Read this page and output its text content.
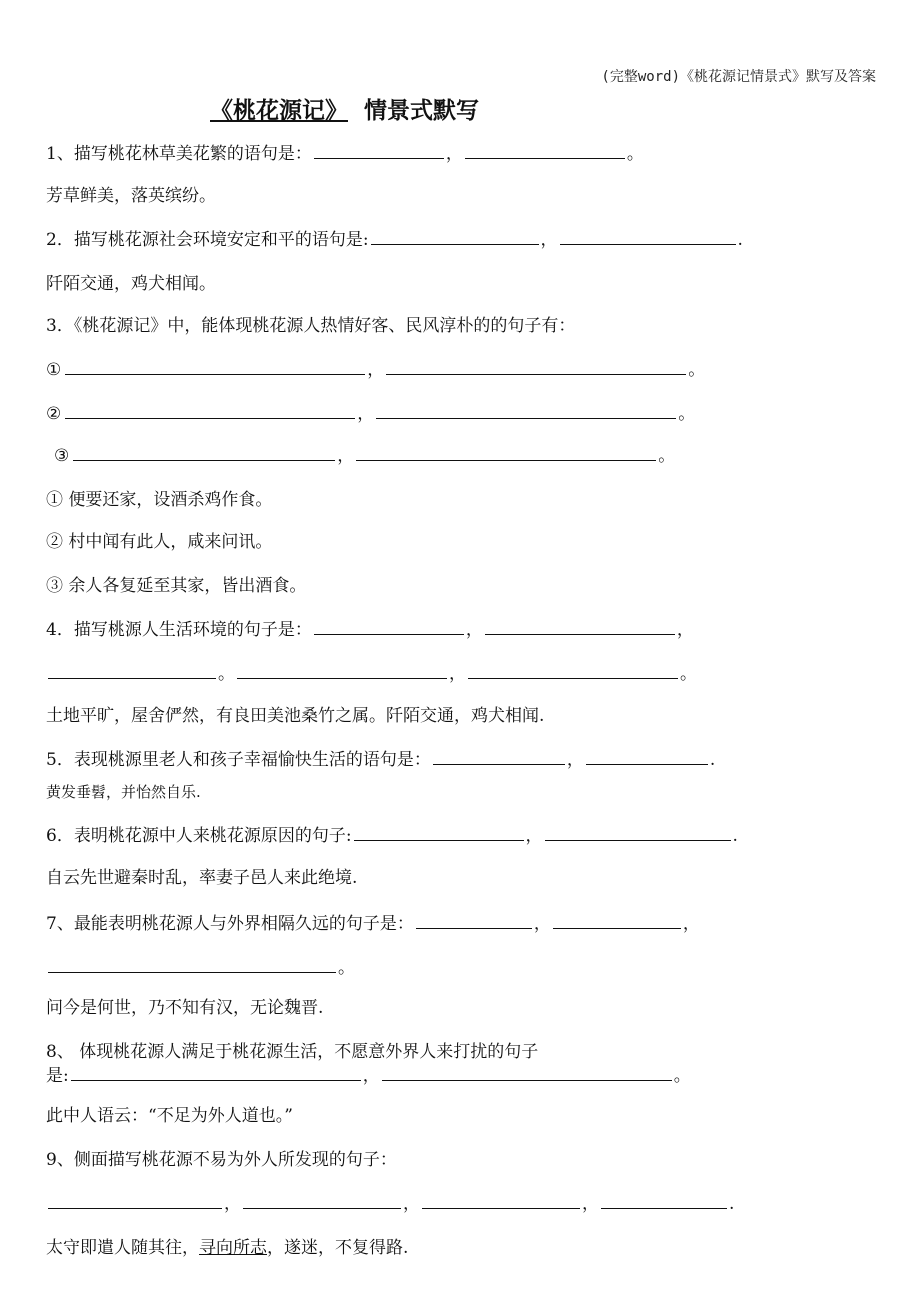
(完整word)《桃花源记情景式》默写及答案
《桃花源记》 情景式默写
1、描写桃花林草美花繁的语句是：	，	。
芳草鲜美，落英缤纷。
2．描写桃花源社会环境安定和平的语句是:	，	.
阡陌交通，鸡犬相闻。
3．《桃花源记》中，能体现桃花源人热情好客、民风淳朴的的句子有：
①	，	。
②	，	。
③	，	。
① 便要还家，设酒杀鸡作食。
② 村中闻有此人，咸来问讯。
③ 余人各复延至其家，皆出酒食。
4．描写桃源人生活环境的句子是：	，	，
。	，	。
土地平旷，屋舍俨然，有良田美池桑竹之属。阡陌交通，鸡犬相闻.
5．表现桃源里老人和孩子幸福愉快生活的语句是：	，	.
黄发垂髫，并怡然自乐.
6．表明桃花源中人来桃花源原因的句子:	，	.
自云先世避秦时乱，率妻子邑人来此绝境.
7、最能表明桃花源人与外界相隔久远的句子是：	，	，
。
问今是何世，乃不知有汉，无论魏晋.
8、 体现桃花源人满足于桃花源生活，不愿意外界人来打扰的句子
是:	，	。
此中人语云：“不足为外人道也。”
9、侧面描写桃花源不易为外人所发现的句子：
，	，	，	.
太守即遣人随其往，寻向所志，遂迷，不复得路.
